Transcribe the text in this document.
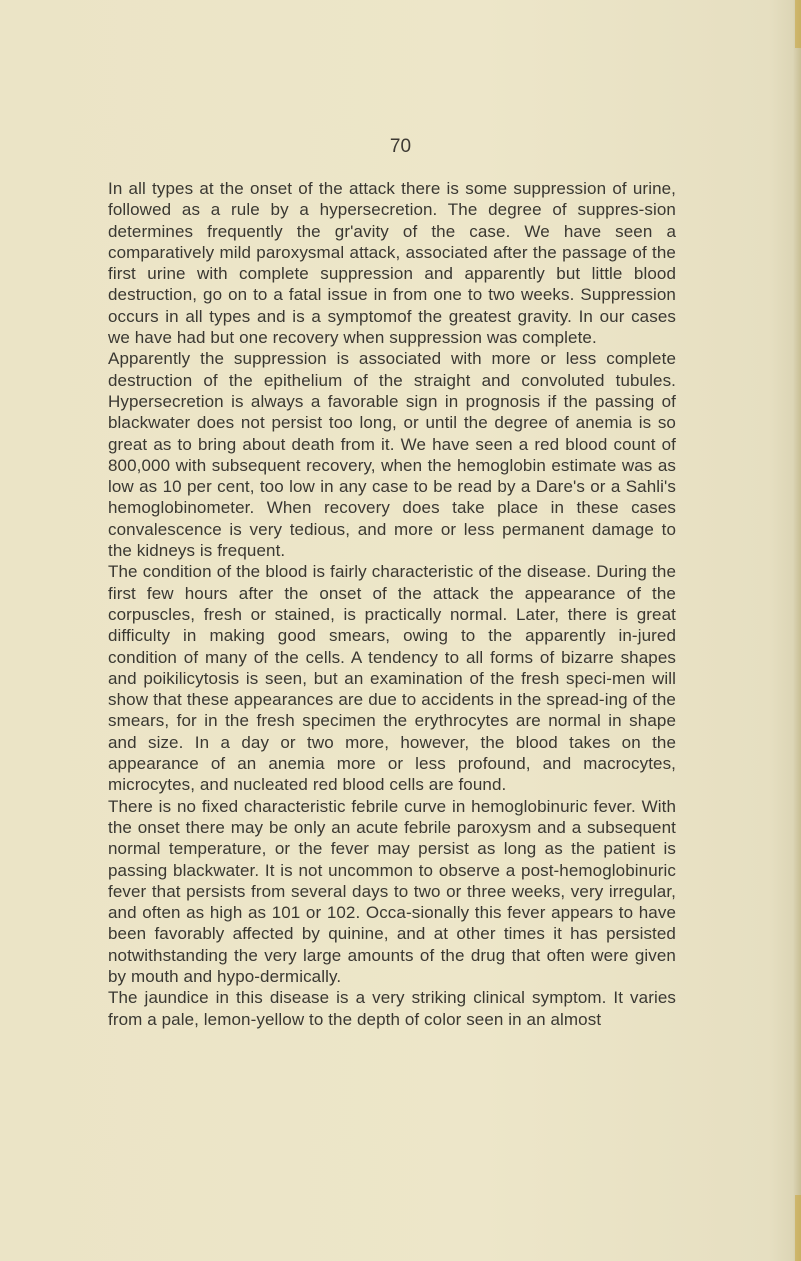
70

In all types at the onset of the attack there is some suppression of urine, followed as a rule by a hypersecretion. The degree of suppres-sion determines frequently the gr'avity of the case. We have seen a comparatively mild paroxysmal attack, associated after the passage of the first urine with complete suppression and apparently but little blood destruction, go on to a fatal issue in from one to two weeks. Suppression occurs in all types and is a symptomof the greatest gravity. In our cases we have had but one recovery when suppression was complete.

Apparently the suppression is associated with more or less complete destruction of the epithelium of the straight and convoluted tubules. Hypersecretion is always a favorable sign in prognosis if the passing of blackwater does not persist too long, or until the degree of anemia is so great as to bring about death from it. We have seen a red blood count of 800,000 with subsequent recovery, when the hemoglobin estimate was as low as 10 per cent, too low in any case to be read by a Dare's or a Sahli's hemoglobinometer. When recovery does take place in these cases convalescence is very tedious, and more or less permanent damage to the kidneys is frequent.

The condition of the blood is fairly characteristic of the disease. During the first few hours after the onset of the attack the appearance of the corpuscles, fresh or stained, is practically normal. Later, there is great difficulty in making good smears, owing to the apparently in-jured condition of many of the cells. A tendency to all forms of bizarre shapes and poikilicytosis is seen, but an examination of the fresh speci-men will show that these appearances are due to accidents in the spread-ing of the smears, for in the fresh specimen the erythrocytes are normal in shape and size. In a day or two more, however, the blood takes on the appearance of an anemia more or less profound, and macrocytes, microcytes, and nucleated red blood cells are found.

There is no fixed characteristic febrile curve in hemoglobinuric fever. With the onset there may be only an acute febrile paroxysm and a subsequent normal temperature, or the fever may persist as long as the patient is passing blackwater. It is not uncommon to observe a post-hemoglobinuric fever that persists from several days to two or three weeks, very irregular, and often as high as 101 or 102. Occa-sionally this fever appears to have been favorably affected by quinine, and at other times it has persisted notwithstanding the very large amounts of the drug that often were given by mouth and hypo-dermically.

The jaundice in this disease is a very striking clinical symptom. It varies from a pale, lemon-yellow to the depth of color seen in an almost
